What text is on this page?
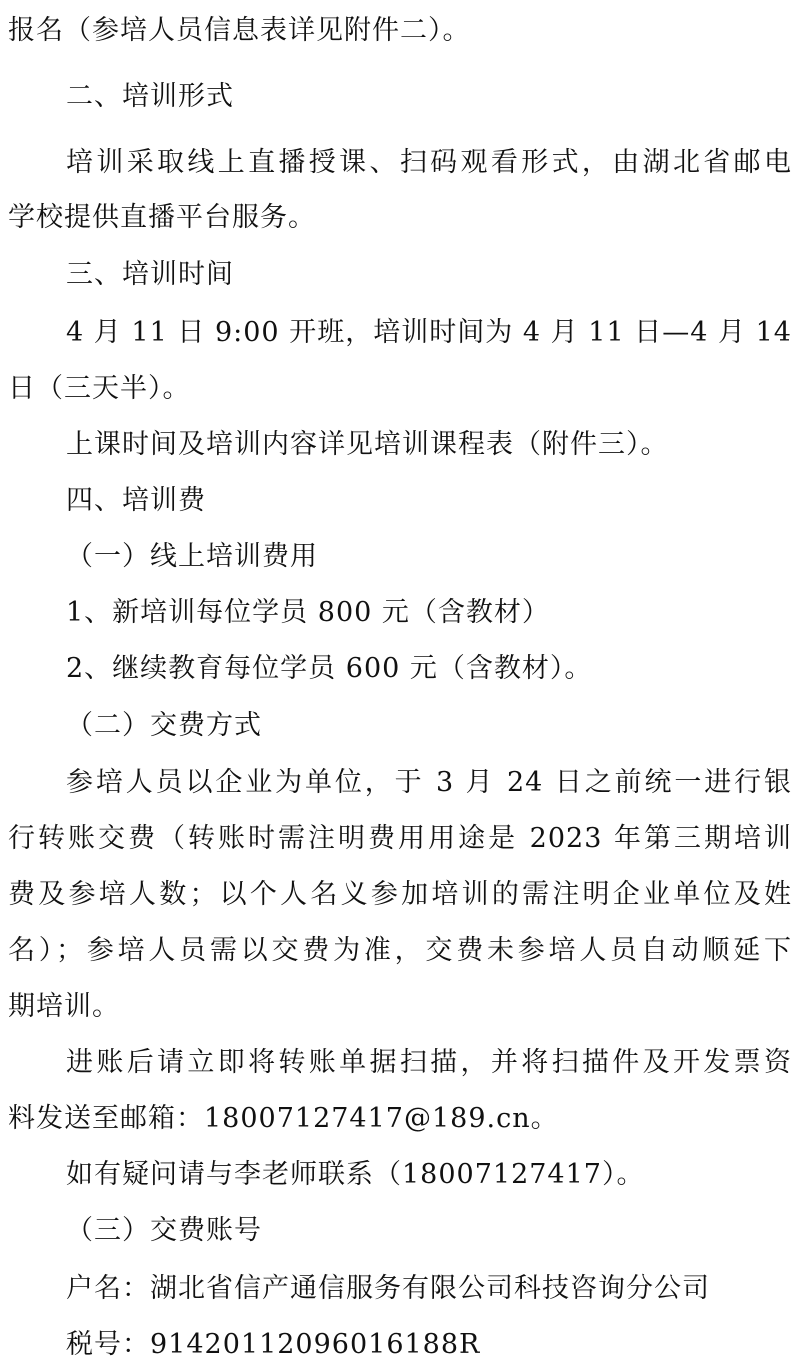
报名（参培人员信息表详见附件二）。
二、培训形式
培训采取线上直播授课、扫码观看形式，由湖北省邮电
学校提供直播平台服务。
三、培训时间
4 月 11 日 9:00 开班，培训时间为 4 月 11 日—4 月 14
日（三天半）。
上课时间及培训内容详见培训课程表（附件三）。
四、培训费
（一）线上培训费用
1、新培训每位学员 800 元（含教材）
2、继续教育每位学员 600 元（含教材）。
（二）交费方式
参培人员以企业为单位，于 3 月 24 日之前统一进行银
行转账交费（转账时需注明费用用途是 2023 年第三期培训
费及参培人数；以个人名义参加培训的需注明企业单位及姓
名）；参培人员需以交费为准，交费未参培人员自动顺延下
期培训。
进账后请立即将转账单据扫描，并将扫描件及开发票资
料发送至邮箱：18007127417@189.cn。
如有疑问请与李老师联系（18007127417）。
（三）交费账号
户名：湖北省信产通信服务有限公司科技咨询分公司
税号：91420112096016188R
